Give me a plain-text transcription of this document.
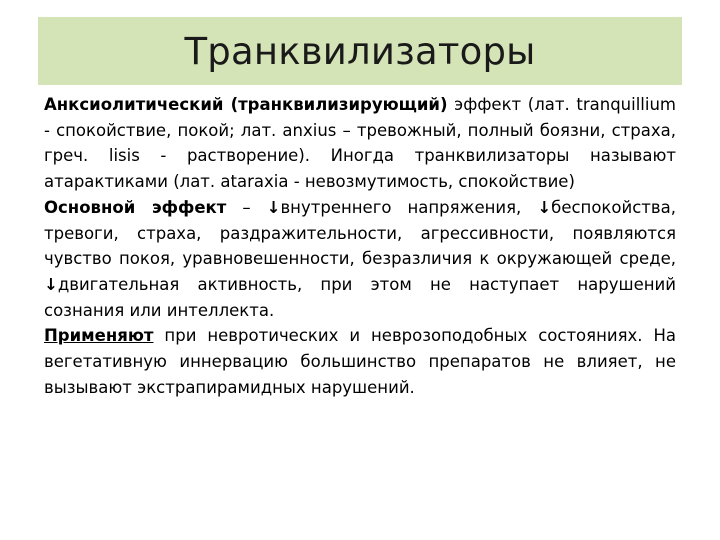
Транквилизаторы

Анксиолитический (транквилизирующий) эффект (лат. tranquillium - спокойствие, покой; лат. anxius – тревожный, полный боязни, страха, греч. lisis - растворение). Иногда транквилизаторы называют атарактиками (лат. ataraxia - невозмутимость, спокойствие)

Основной эффект – ↓внутреннего напряжения, ↓беспокойства, тревоги, страха, раздражительности, агрессивности, появляются чувство покоя, уравновешенности, безразличия к окружающей среде, ↓двигательная активность, при этом не наступает нарушений сознания или интеллекта.

Применяют при невротических и неврозоподобных состояниях. На вегетативную иннервацию большинство препаратов не влияет, не вызывают экстрапирамидных нарушений.
